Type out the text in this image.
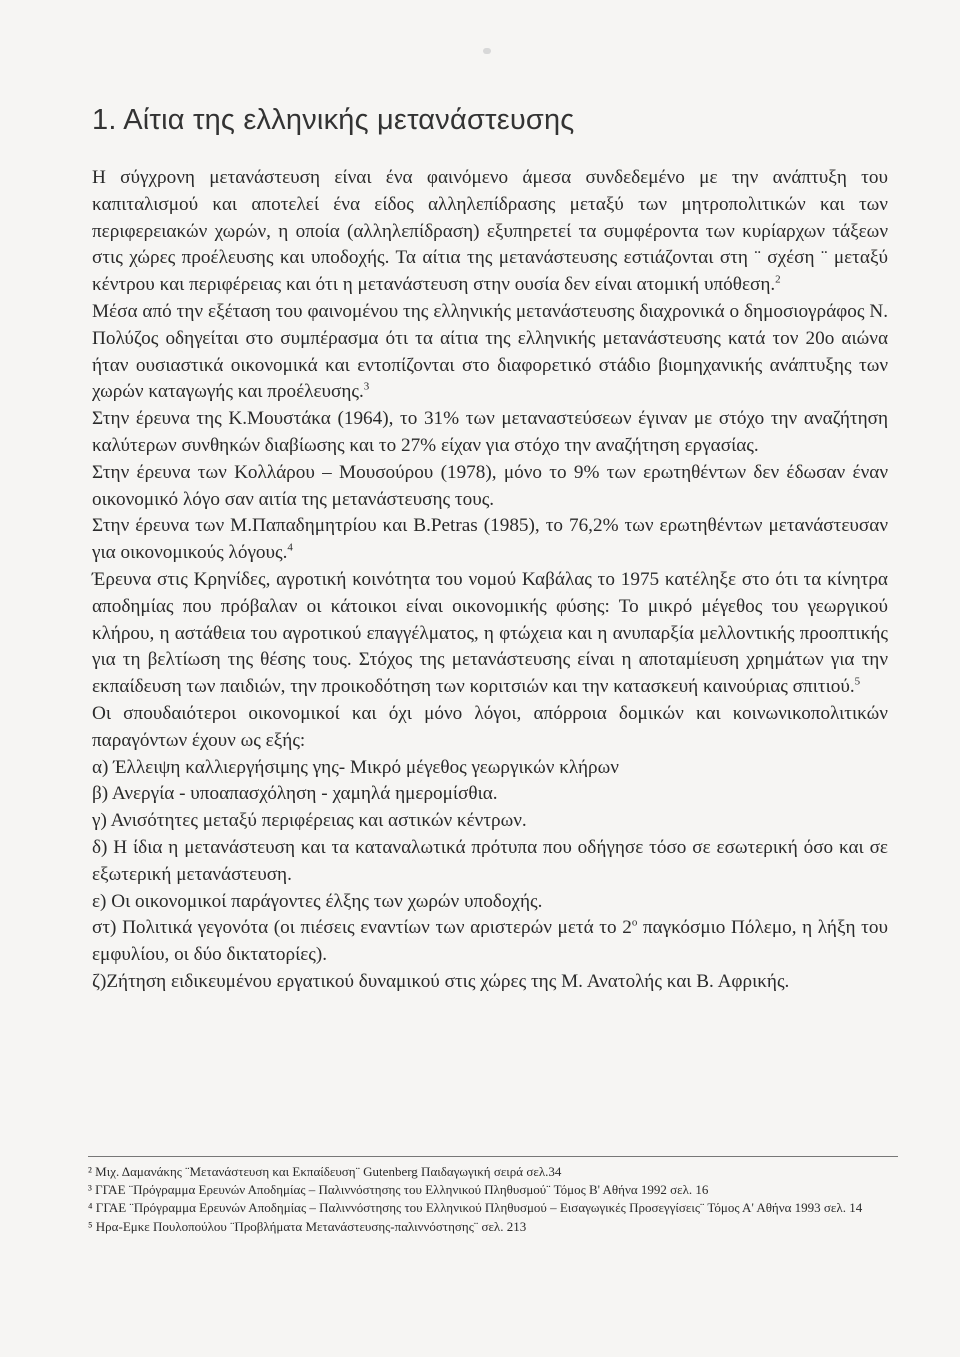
1. Αίτια της ελληνικής μετανάστευσης

Η σύγχρονη μετανάστευση είναι ένα φαινόμενο άμεσα συνδεδεμένο με την ανάπτυξη του καπιταλισμού και αποτελεί ένα είδος αλληλεπίδρασης μεταξύ των μητροπολιτικών και των περιφερειακών χωρών, η οποία (αλληλεπίδραση) εξυπηρετεί τα συμφέροντα των κυρίαρχων τάξεων στις χώρες προέλευσης και υποδοχής. Τα αίτια της μετανάστευσης εστιάζονται στη ¨ σχέση ¨ μεταξύ κέντρου και περιφέρειας και ότι η μετανάστευση στην ουσία δεν είναι ατομική υπόθεση.$^2$

Μέσα από την εξέταση του φαινομένου της ελληνικής μετανάστευσης διαχρονικά ο δημοσιογράφος Ν. Πολύζος οδηγείται στο συμπέρασμα ότι τα αίτια της ελληνικής μετανάστευσης κατά τον 20ο αιώνα ήταν ουσιαστικά οικονομικά και εντοπίζονται στο διαφορετικό στάδιο βιομηχανικής ανάπτυξης των χωρών καταγωγής και προέλευσης.$^3$

Στην έρευνα της Κ.Μουστάκα (1964), το 31% των μεταναστεύσεων έγιναν με στόχο την αναζήτηση καλύτερων συνθηκών διαβίωσης και το 27% είχαν για στόχο την αναζήτηση εργασίας.

Στην έρευνα των Κολλάρου – Μουσούρου (1978), μόνο το 9% των ερωτηθέντων δεν έδωσαν έναν οικονομικό λόγο σαν αιτία της μετανάστευσης τους.

Στην έρευνα των Μ.Παπαδημητρίου και Β.Petras (1985), το 76,2% των ερωτηθέντων μετανάστευσαν για οικονομικούς λόγους.$^4$

Έρευνα στις Κρηνίδες, αγροτική κοινότητα του νομού Καβάλας το 1975 κατέληξε στο ότι τα κίνητρα αποδημίας που πρόβαλαν οι κάτοικοι είναι οικονομικής φύσης: Το μικρό μέγεθος του γεωργικού κλήρου, η αστάθεια του αγροτικού επαγγέλματος, η φτώχεια και η ανυπαρξία μελλοντικής προοπτικής για τη βελτίωση της θέσης τους. Στόχος της μετανάστευσης είναι η αποταμίευση χρημάτων για την εκπαίδευση των παιδιών, την προικοδότηση των κοριτσιών και την κατασκευή καινούριας σπιτιού.$^5$

Οι σπουδαιότεροι οικονομικοί και όχι μόνο λόγοι, απόρροια δομικών και κοινωνικοπολιτικών παραγόντων έχουν ως εξής:

α) Έλλειψη καλλιεργήσιμης γης- Μικρό μέγεθος γεωργικών κλήρων

β) Ανεργία - υποαπασχόληση - χαμηλά ημερομίσθια.

γ) Ανισότητες μεταξύ περιφέρειας και αστικών κέντρων.

δ) Η ίδια η μετανάστευση και τα καταναλωτικά πρότυπα που οδήγησε τόσο σε εσωτερική όσο και σε εξωτερική μετανάστευση.

ε) Οι οικονομικοί παράγοντες έλξης των χωρών υποδοχής.

στ) Πολιτικά γεγονότα (οι πιέσεις εναντίων των αριστερών μετά το $2^o$ παγκόσμιο Πόλεμο, η λήξη του εμφυλίου, οι δύο δικτατορίες).

ζ)Ζήτηση ειδικευμένου εργατικού δυναμικού στις χώρες της Μ. Ανατολής και Β. Αφρικής.

² Μιχ. Δαμανάκης ¨Μετανάστευση και Εκπαίδευση¨ Gutenberg Παιδαγωγική σειρά σελ.34

³ ΓΓΑΕ ¨Πρόγραμμα Ερευνών Αποδημίας – Παλιννόστησης του Ελληνικού Πληθυσμού¨ Τόμος Β' Αθήνα 1992 σελ. 16

⁴ ΓΓΑΕ ¨Πρόγραμμα Ερευνών Αποδημίας – Παλιννόστησης του Ελληνικού Πληθυσμού – Εισαγωγικές Προσεγγίσεις¨ Τόμος Α' Αθήνα 1993 σελ. 14

⁵ Ηρα-Εμκε Πουλοπούλου ¨Προβλήματα Μετανάστευσης-παλιννόστησης¨ σελ. 213
